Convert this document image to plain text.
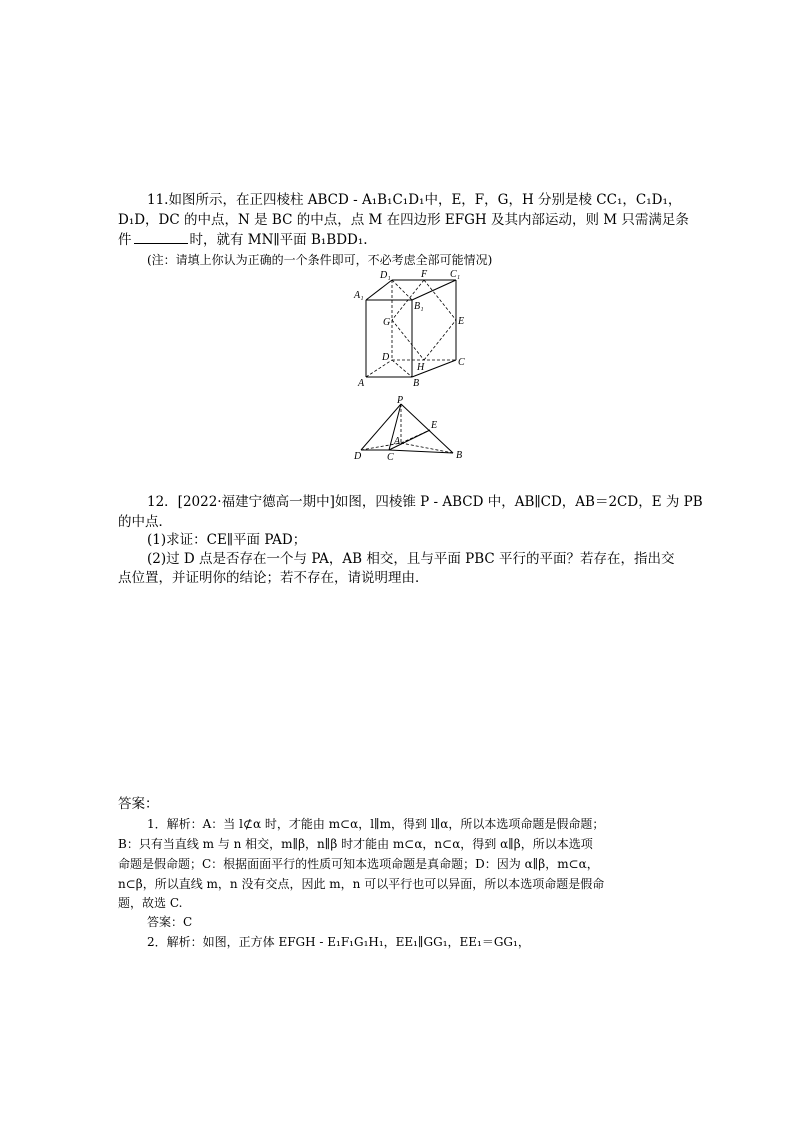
11.如图所示，在正四棱柱 ABCD - A₁B₁C₁D₁中，E，F，G，H 分别是棱 CC₁，C₁D₁，
D₁D，DC 的中点，N 是 BC 的中点，点 M 在四边形 EFGH 及其内部运动，则 M 只需满足条
件	时，就有 MN∥平面 B₁BDD₁.
(注：请填上你认为正确的一个条件即可，不必考虑全部可能情况)
D₁	F C₁
A₁
B₁
G	E
D
H	C
A	B
P
E
A
B
D	C
12．[2022·福建宁德高一期中]如图，四棱锥 P - ABCD 中，AB∥CD，AB＝2CD，E 为 PB
的中点．
(1)求证：CE∥平面 PAD；
(2)过 D 点是否存在一个与 PA，AB 相交，且与平面 PBC 平行的平面？若存在，指出交
点位置，并证明你的结论；若不存在，请说明理由．
答案：
1．解析：A：当 l⊄α 时，才能由 m⊂α，l∥m，得到 l∥α，所以本选项命题是假命题；
B：只有当直线 m 与 n 相交，m∥β，n∥β 时才能由 m⊂α，n⊂α，得到 α∥β，所以本选项
命题是假命题；C：根据面面平行的性质可知本选项命题是真命题；D：因为 α∥β，m⊂α，
n⊂β，所以直线 m，n 没有交点，因此 m，n 可以平行也可以异面，所以本选项命题是假命
题，故选 C.
答案：C
2．解析：如图，正方体 EFGH - E₁F₁G₁H₁，EE₁∥GG₁，EE₁＝GG₁，
